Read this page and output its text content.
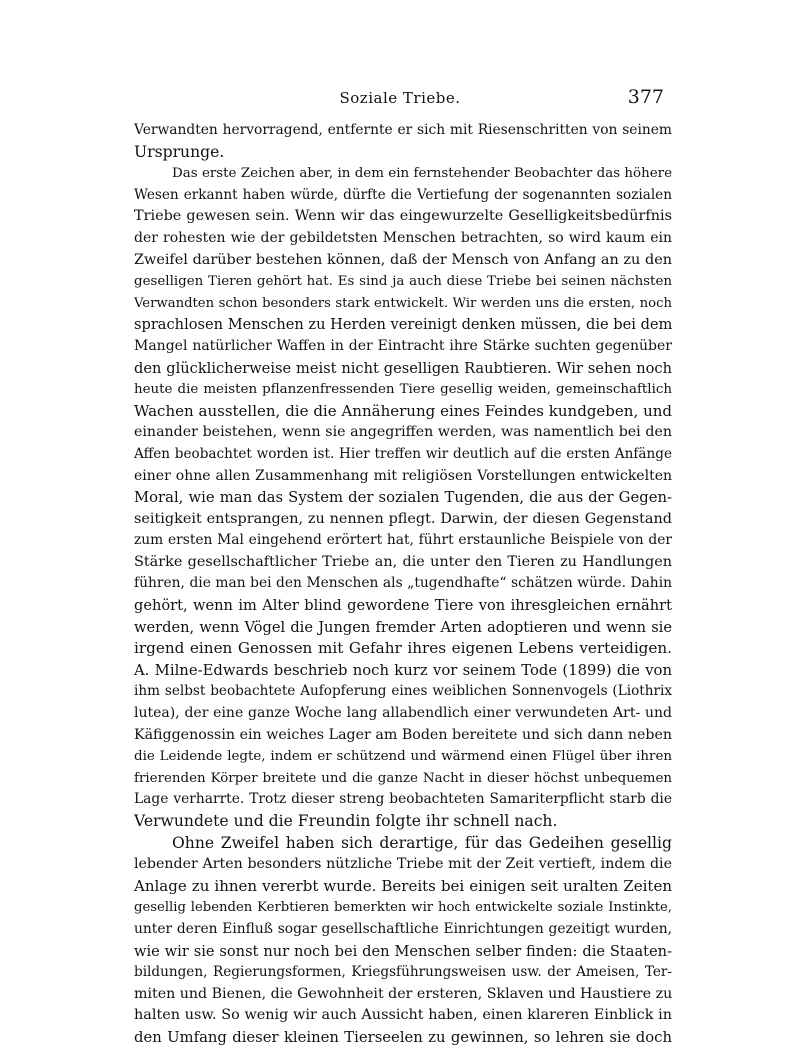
Soziale Triebe.	377
Verwandten hervorragend, entfernte er sich mit Riesenschritten von seinem
Ursprunge.
Das erste Zeichen aber, in dem ein fernstehender Beobachter das höhere
Wesen erkannt haben würde, dürfte die Vertiefung der sogenannten sozialen
Triebe gewesen sein. Wenn wir das eingewurzelte Geselligkeitsbedürfnis
der rohesten wie der gebildetsten Menschen betrachten, so wird kaum ein
Zweifel darüber bestehen können, daß der Mensch von Anfang an zu den
geselligen Tieren gehört hat. Es sind ja auch diese Triebe bei seinen nächsten
Verwandten schon besonders stark entwickelt. Wir werden uns die ersten, noch
sprachlosen Menschen zu Herden vereinigt denken müssen, die bei dem
Mangel natürlicher Waffen in der Eintracht ihre Stärke suchten gegenüber
den glücklicherweise meist nicht geselligen Raubtieren. Wir sehen noch
heute die meisten pflanzenfressenden Tiere gesellig weiden, gemeinschaftlich
Wachen ausstellen, die die Annäherung eines Feindes kundgeben, und
einander beistehen, wenn sie angegriffen werden, was namentlich bei den
Affen beobachtet worden ist. Hier treffen wir deutlich auf die ersten Anfänge
einer ohne allen Zusammenhang mit religiösen Vorstellungen entwickelten
Moral, wie man das System der sozialen Tugenden, die aus der Gegen-
seitigkeit entsprangen, zu nennen pflegt. Darwin, der diesen Gegenstand
zum ersten Mal eingehend erörtert hat, führt erstaunliche Beispiele von der
Stärke gesellschaftlicher Triebe an, die unter den Tieren zu Handlungen
führen, die man bei den Menschen als „tugendhafte“ schätzen würde. Dahin
gehört, wenn im Alter blind gewordene Tiere von ihresgleichen ernährt
werden, wenn Vögel die Jungen fremder Arten adoptieren und wenn sie
irgend einen Genossen mit Gefahr ihres eigenen Lebens verteidigen.
A. Milne-Edwards beschrieb noch kurz vor seinem Tode (1899) die von
ihm selbst beobachtete Aufopferung eines weiblichen Sonnenvogels (Liothrix
lutea), der eine ganze Woche lang allabendlich einer verwundeten Art- und
Käfiggenossin ein weiches Lager am Boden bereitete und sich dann neben
die Leidende legte, indem er schützend und wärmend einen Flügel über ihren
frierenden Körper breitete und die ganze Nacht in dieser höchst unbequemen
Lage verharrte. Trotz dieser streng beobachteten Samariterpflicht starb die
Verwundete und die Freundin folgte ihr schnell nach.
Ohne Zweifel haben sich derartige, für das Gedeihen gesellig
lebender Arten besonders nützliche Triebe mit der Zeit vertieft, indem die
Anlage zu ihnen vererbt wurde. Bereits bei einigen seit uralten Zeiten
gesellig lebenden Kerbtieren bemerkten wir hoch entwickelte soziale Instinkte,
unter deren Einfluß sogar gesellschaftliche Einrichtungen gezeitigt wurden,
wie wir sie sonst nur noch bei den Menschen selber finden: die Staaten-
bildungen, Regierungsformen, Kriegsführungsweisen usw. der Ameisen, Ter-
miten und Bienen, die Gewohnheit der ersteren, Sklaven und Haustiere zu
halten usw. So wenig wir auch Aussicht haben, einen klareren Einblick in
den Umfang dieser kleinen Tierseelen zu gewinnen, so lehren sie doch
